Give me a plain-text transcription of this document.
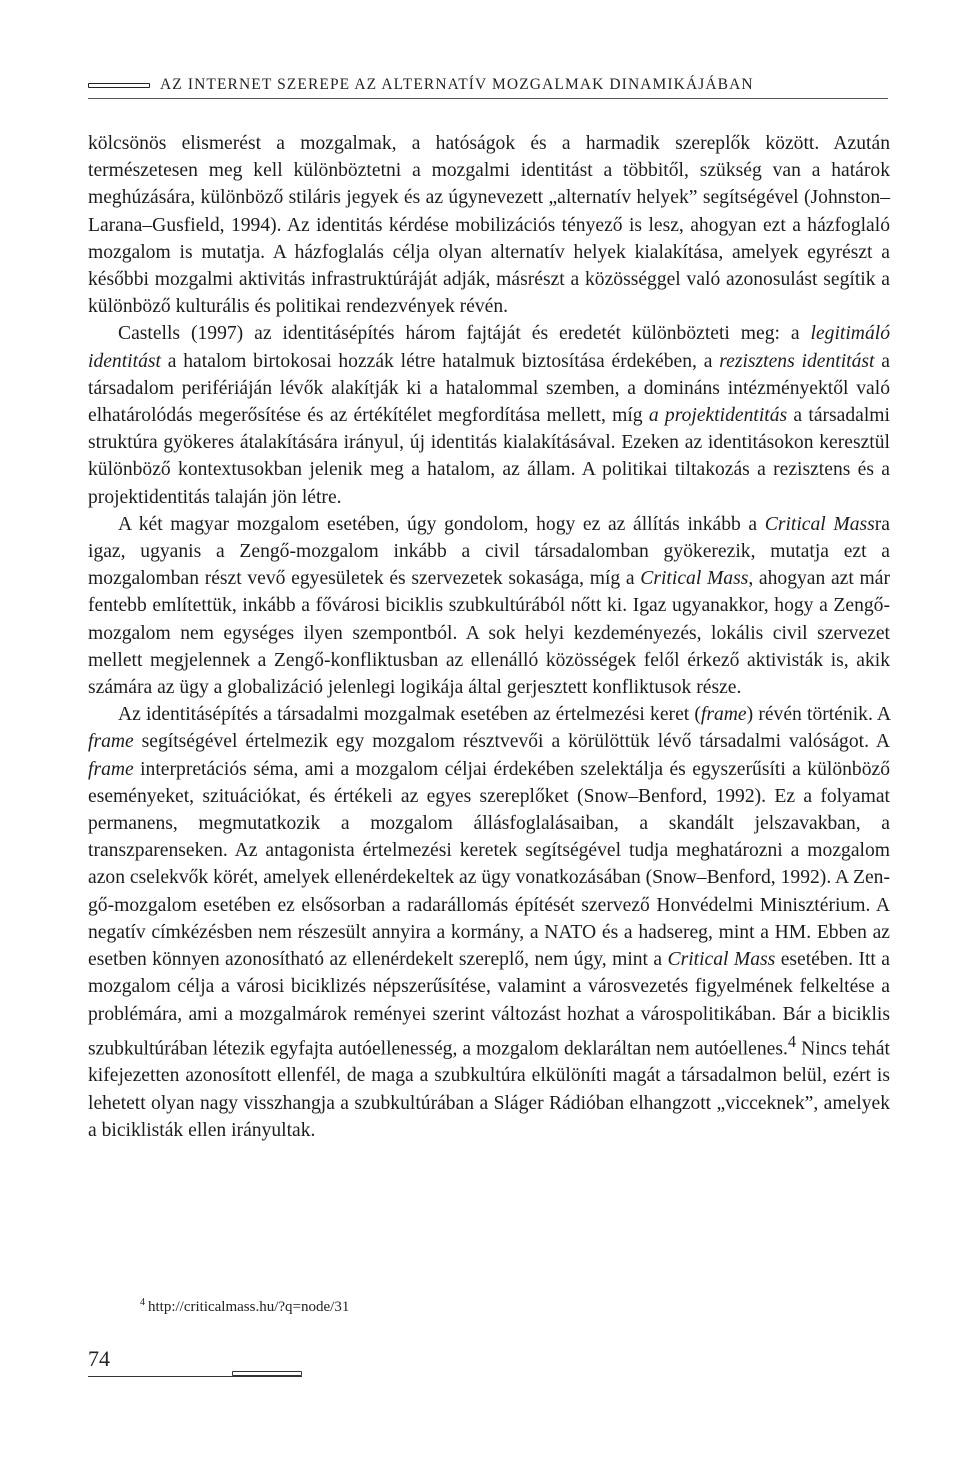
AZ INTERNET SZEREPE AZ ALTERNATÍV MOZGALMAK DINAMIKÁJÁBAN

kölcsönös elismerést a mozgalmak, a hatóságok és a harmadik szereplők között. Azután természetesen meg kell különböztetni a mozgalmi identitást a többitől, szükség van a határok meghúzására, különböző stiláris jegyek és az úgynevezett „alternatív helyek” segítségével (Johnston–Larana–Gusfield, 1994). Az identitás kérdése mobilizációs tényező is lesz, ahogyan ezt a házfoglaló mozgalom is mutatja. A házfoglalás célja olyan alternatív helyek kialakítása, amelyek egyrészt a későbbi mozgalmi aktivitás infrastruktúráját adják, másrészt a közösséggel való azonosulást segítik a különböző kulturális és politikai rendezvények révén.

Castells (1997) az identitásépítés három fajtáját és eredetét különbözteti meg: a legitimáló identitást a hatalom birtokosai hozzák létre hatalmuk biztosítása érdekében, a rezisztens identitást a társadalom perifériáján lévők alakítják ki a hatalommal szemben, a domináns intézményektől való elhatárolódás megerősítése és az értékítélet megfordítása mellett, míg a projektidentitás a társadalmi struktúra gyökeres átalakítására irányul, új identitás kialakításával. Ezeken az identitásokon keresztül különböző kontextusokban jelenik meg a hatalom, az állam. A politikai tiltakozás a rezisztens és a projektidentitás talaján jön létre.

A két magyar mozgalom esetében, úgy gondolom, hogy ez az állítás inkább a Critical Massra igaz, ugyanis a Zengő-mozgalom inkább a civil társadalomban gyökerezik, mutatja ezt a mozgalomban részt vevő egyesületek és szervezetek sokasága, míg a Critical Mass, ahogyan azt már fentebb említettük, inkább a fővárosi biciklis szubkultúrából nőtt ki. Igaz ugyanakkor, hogy a Zengő-mozgalom nem egységes ilyen szempontból. A sok helyi kezdeményezés, lokális civil szervezet mellett megjelennek a Zengő-konfliktusban az ellenálló közösségek felől érkező aktivisták is, akik számára az ügy a globalizáció jelenlegi logikája által gerjesztett konfliktusok része.

Az identitásépítés a társadalmi mozgalmak esetében az értelmezési keret (frame) révén történik. A frame segítségével értelmezik egy mozgalom résztvevői a körülöttük lévő társadalmi valóságot. A frame interpretációs séma, ami a mozgalom céljai érdekében szelektálja és egyszerűsíti a különböző eseményeket, szituációkat, és értékeli az egyes szereplőket (Snow–Benford, 1992). Ez a folyamat permanens, megmutatkozik a mozgalom állásfoglalásaiban, a skandált jelszavakban, a transzparenseken. Az antagonista értelmezési keretek segítségével tudja meghatározni a mozgalom azon cselekvők körét, amelyek ellenérdekeltek az ügy vonatkozásában (Snow–Benford, 1992). A Zengő-mozgalom esetében ez elsősorban a radarállomás építését szervező Honvédelmi Minisztérium. A negatív címkézésben nem részesült annyira a kormány, a NATO és a hadsereg, mint a HM. Ebben az esetben könnyen azonosítható az ellenérdekelt szereplő, nem úgy, mint a Critical Mass esetében. Itt a mozgalom célja a városi biciklizés népszerűsítése, valamint a városvezetés figyelmének felkeltése a problémára, ami a mozgalmárok reményei szerint változást hozhat a várospolitikában. Bár a biciklis szubkultúrában létezik egyfajta autóellenesség, a mozgalom deklaráltan nem autóellenes.$^4$ Nincs tehát kifejezetten azonosított ellenfél, de maga a szubkultúra elkülöníti magát a társadalmon belül, ezért is lehetett olyan nagy visszhangja a szubkultúrában a Sláger Rádióban elhangzott „vicceknek”, amelyek a biciklisták ellen irányultak.

$^4$ http://criticalmass.hu/?q=node/31
74
